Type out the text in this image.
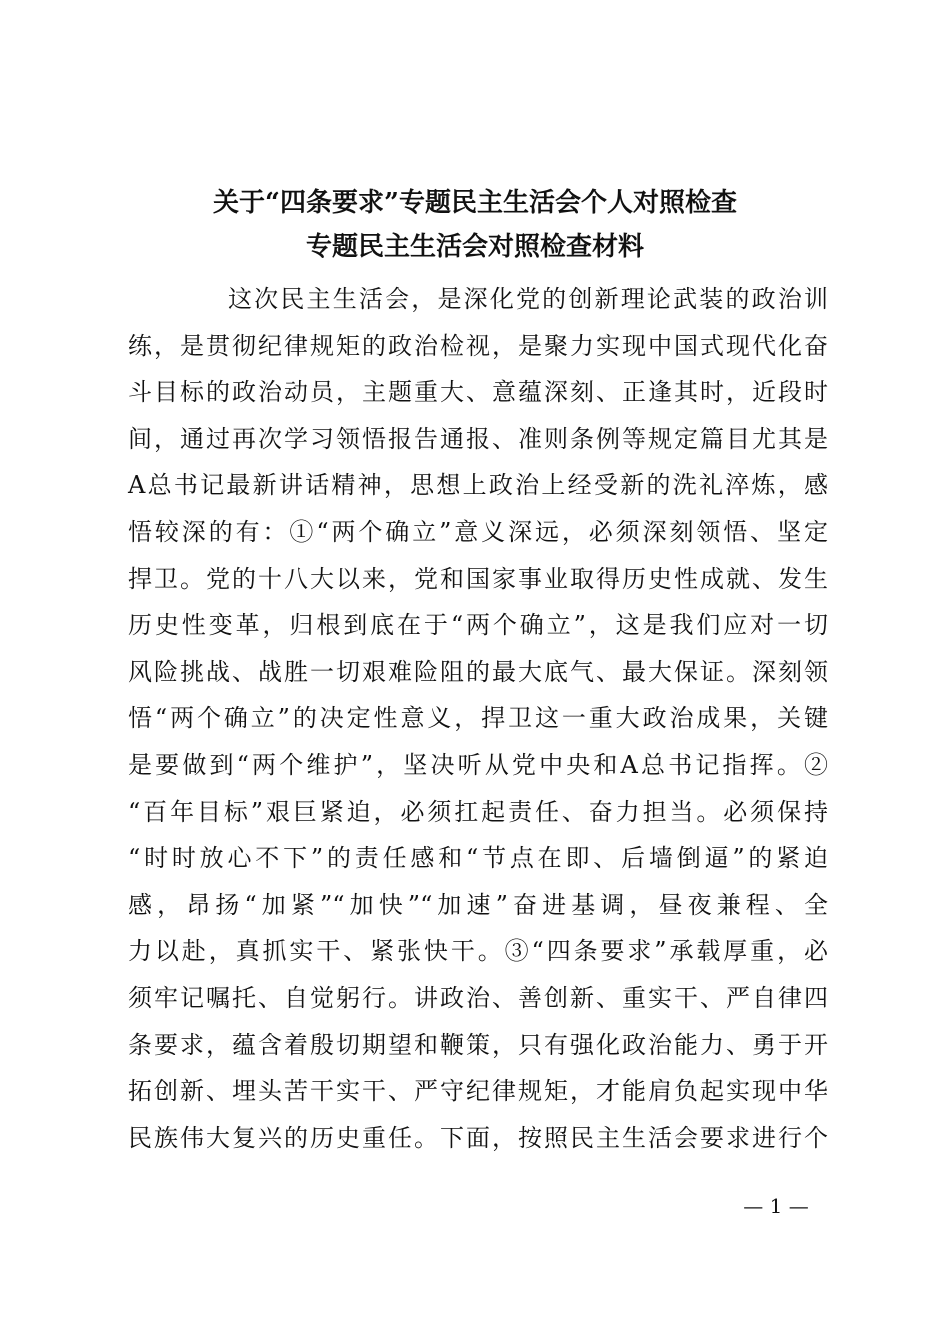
关于“四条要求”专题民主生活会个人对照检查
专题民主生活会对照检查材料
这次民主生活会，是深化党的创新理论武装的政治训
练，是贯彻纪律规矩的政治检视，是聚力实现中国式现代化奋
斗目标的政治动员，主题重大、意蕴深刻、正逢其时，近段时
间，通过再次学习领悟报告通报、准则条例等规定篇目尤其是
A总书记最新讲话精神，思想上政治上经受新的洗礼淬炼，感
悟较深的有：①“两个确立”意义深远，必须深刻领悟、坚定
捍卫。党的十八大以来，党和国家事业取得历史性成就、发生
历史性变革，归根到底在于“两个确立”，这是我们应对一切
风险挑战、战胜一切艰难险阻的最大底气、最大保证。深刻领
悟“两个确立”的决定性意义，捍卫这一重大政治成果，关键
是要做到“两个维护”，坚决听从党中央和A总书记指挥。②
“百年目标”艰巨紧迫，必须扛起责任、奋力担当。必须保持
“时时放心不下”的责任感和“节点在即、后墙倒逼”的紧迫
感，昂扬“加紧”“加快”“加速”奋进基调，昼夜兼程、全
力以赴，真抓实干、紧张快干。③“四条要求”承载厚重，必
须牢记嘱托、自觉躬行。讲政治、善创新、重实干、严自律四
条要求，蕴含着殷切期望和鞭策，只有强化政治能力、勇于开
拓创新、埋头苦干实干、严守纪律规矩，才能肩负起实现中华
民族伟大复兴的历史重任。下面，按照民主生活会要求进行个
— 1 —
